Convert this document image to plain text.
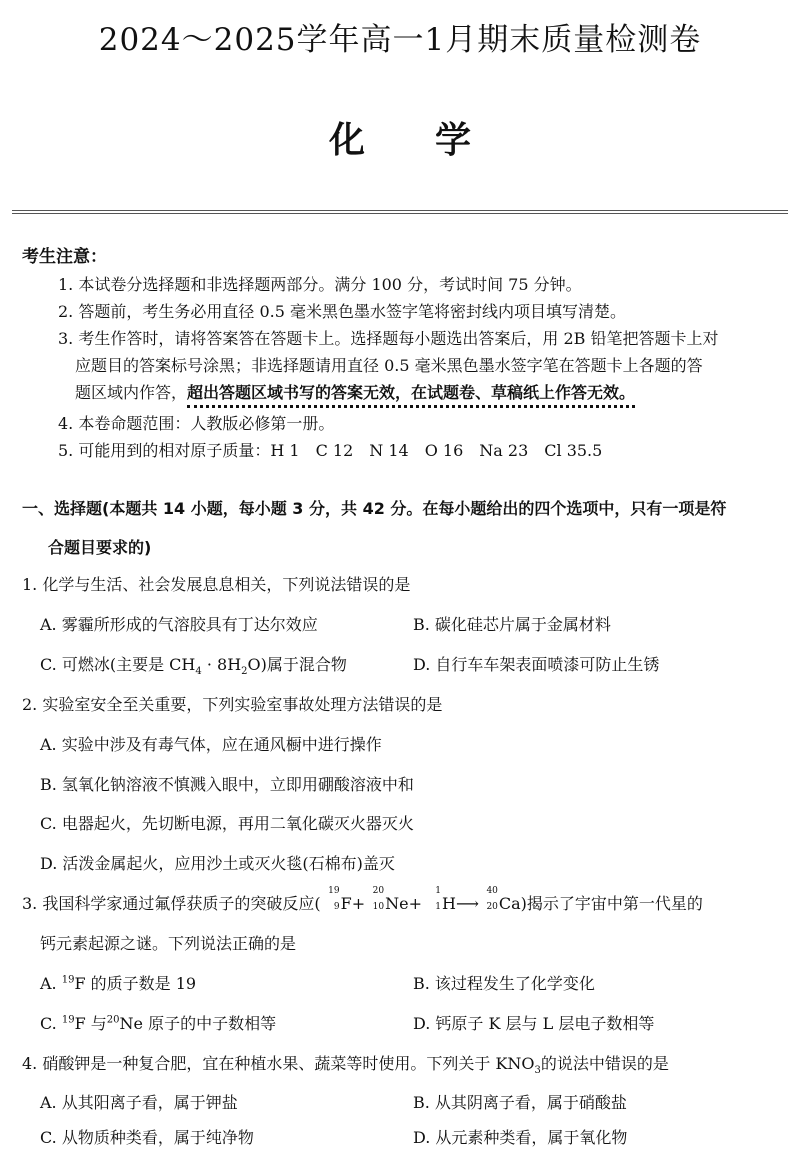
2024～2025学年高一1月期末质量检测卷
化学
考生注意：
1. 本试卷分选择题和非选择题两部分。满分 100 分，考试时间 75 分钟。
2. 答题前，考生务必用直径 0.5 毫米黑色墨水签字笔将密封线内项目填写清楚。
3. 考生作答时，请将答案答在答题卡上。选择题每小题选出答案后，用 2B 铅笔把答题卡上对
应题目的答案标号涂黑；非选择题请用直径 0.5 毫米黑色墨水签字笔在答题卡上各题的答
题区域内作答，超出答题区域书写的答案无效，在试题卷、草稿纸上作答无效。
4. 本卷命题范围：人教版必修第一册。
5. 可能用到的相对原子质量：H 1　C 12　N 14　O 16　Na 23　Cl 35.5
一、选择题(本题共 14 小题，每小题 3 分，共 42 分。在每小题给出的四个选项中，只有一项是符
合题目要求的)
1. 化学与生活、社会发展息息相关，下列说法错误的是
A. 雾霾所形成的气溶胶具有丁达尔效应	B. 碳化硅芯片属于金属材料
C. 可燃冰(主要是 $CH_4 \cdot 8H_2O$)属于混合物	D. 自行车车架表面喷漆可防止生锈
2. 实验室安全至关重要，下列实验室事故处理方法错误的是
A. 实验中涉及有毒气体，应在通风橱中进行操作
B. 氢氧化钠溶液不慎溅入眼中，立即用硼酸溶液中和
C. 电器起火，先切断电源，再用二氧化碳灭火器灭火
D. 活泼金属起火，应用沙土或灭火毯(石棉布)盖灭
3. 我国科学家通过氟俘获质子的突破反应(
19
9 F+
20
10 Ne+
1
1 H⟶
40
20 Ca)揭示了宇宙中第一代星的
钙元素起源之谜。下列说法正确的是
A. $^{19}$F 的质子数是 19	B. 该过程发生了化学变化
C. $^{19}$F 与$^{20}$Ne 原子的中子数相等	D. 钙原子 K 层与 L 层电子数相等
4. 硝酸钾是一种复合肥，宜在种植水果、蔬菜等时使用。下列关于 $KNO_3$的说法中错误的是
A. 从其阳离子看，属于钾盐	B. 从其阴离子看，属于硝酸盐
C. 从物质种类看，属于纯净物	D. 从元素种类看，属于氧化物
